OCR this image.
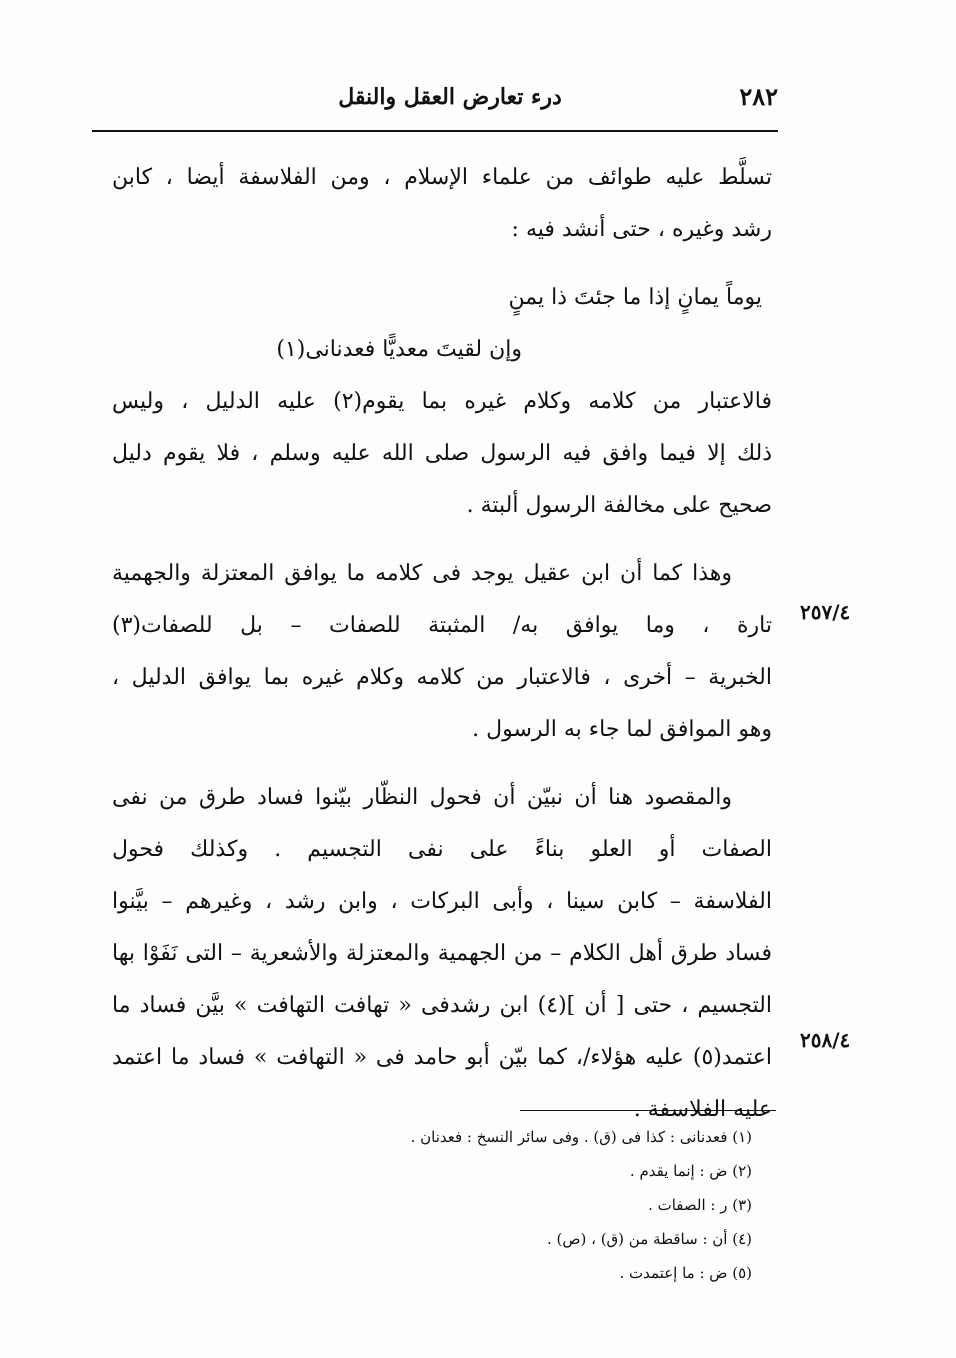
٢٨٢
درء تعارض العقل والنقل
تسلَّط عليه طوائف من علماء الإسلام ، ومن الفلاسفة أيضا ، كابن
رشد وغيره ، حتى أنشد فيه :
يوماً يمانٍ إذا ما جئتَ ذا يمنٍ
وإن لقيتَ معديًّا فعدنانى(١)
فالاعتبار من كلامه وكلام غيره بما يقوم(٢) عليه الدليل ، وليس
ذلك إلا فيما وافق فيه الرسول صلى الله عليه وسلم ، فلا يقوم دليل
صحيح على مخالفة الرسول ألبتة .
وهذا كما أن ابن عقيل يوجد فى كلامه ما يوافق المعتزلة والجهمية
تارة ، وما يوافق به/ المثبتة للصفات – بل للصفات(٣)
الخبرية – أخرى ، فالاعتبار من كلامه وكلام غيره بما يوافق الدليل ،
وهو الموافق لما جاء به الرسول .
والمقصود هنا أن نبيّن أن فحول النظّار بيّنوا فساد طرق من نفى
الصفات أو العلو بناءً على نفى التجسيم . وكذلك فحول
الفلاسفة – كابن سينا ، وأبى البركات ، وابن رشد ، وغيرهم – بيَّنوا
فساد طرق أهل الكلام – من الجهمية والمعتزلة والأشعرية – التى نَفَوْا بها
التجسيم ، حتى [ أن ](٤) ابن رشدفى « تهافت التهافت » بيَّن فساد ما
اعتمد(٥) عليه هؤلاء/، كما بيّن أبو حامد فى « التهافت » فساد ما اعتمد
عليه الفلاسفة .
٢٥٧/٤
٢٥٨/٤
(١) فعدنانى : كذا فى (ق) . وفى سائر النسخ : فعدنان .
(٢) ض : إنما يقدم .
(٣) ر : الصفات .
(٤) أن : ساقطة من (ق) ، (ص) .
(٥) ض : ما إعتمدت .
